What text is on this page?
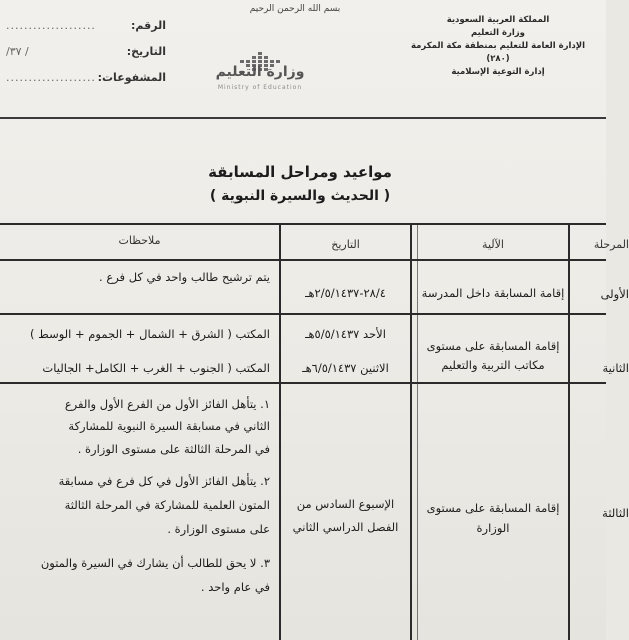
بسم الله الرحمن الرحيم
المملكة العربية السعودية
وزارة التعليم
الإدارة العامة للتعليم بمنطقة مكة المكرمة
(٢٨٠)
إدارة التوعية الإسلامية
الرقم:
....................
التاريخ:
/ ٣٧/
المشفوعات:
....................	وزارة التعليم
Ministry of Education
مواعيد ومراحل المسابقة
( الحديث والسيرة النبوية )
المرحلة
الآلية
التاريخ
ملاحظات
الأولى
إقامة المسابقة داخل المدرسة
٢٨/٤-٢/٥/١٤٣٧هـ
يتم ترشيح طالب واحد في كل فرع .
الثانية
إقامة المسابقة على مستوى
مكاتب التربية والتعليم
الأحد ٥/٥/١٤٣٧هـ
الاثنين ٦/٥/١٤٣٧هـ
المكتب ( الشرق + الشمال + الجموم + الوسط )
المكتب ( الجنوب + الغرب + الكامل+ الجاليات
الثالثة
إقامة المسابقة على مستوى
الوزارة
الإسبوع السادس من
الفصل الدراسي الثاني
١. يتأهل الفائز الأول من الفرع الأول والفرع
الثاني في مسابقة السيرة النبوية للمشاركة
في المرحلة الثالثة على مستوى الوزارة .
٢. يتأهل الفائز الأول في كل فرع في مسابقة
المتون العلمية للمشاركة في المرحلة الثالثة
على مستوى الوزارة .
٣. لا يحق للطالب أن يشارك في السيرة والمتون
في عام واحد .
